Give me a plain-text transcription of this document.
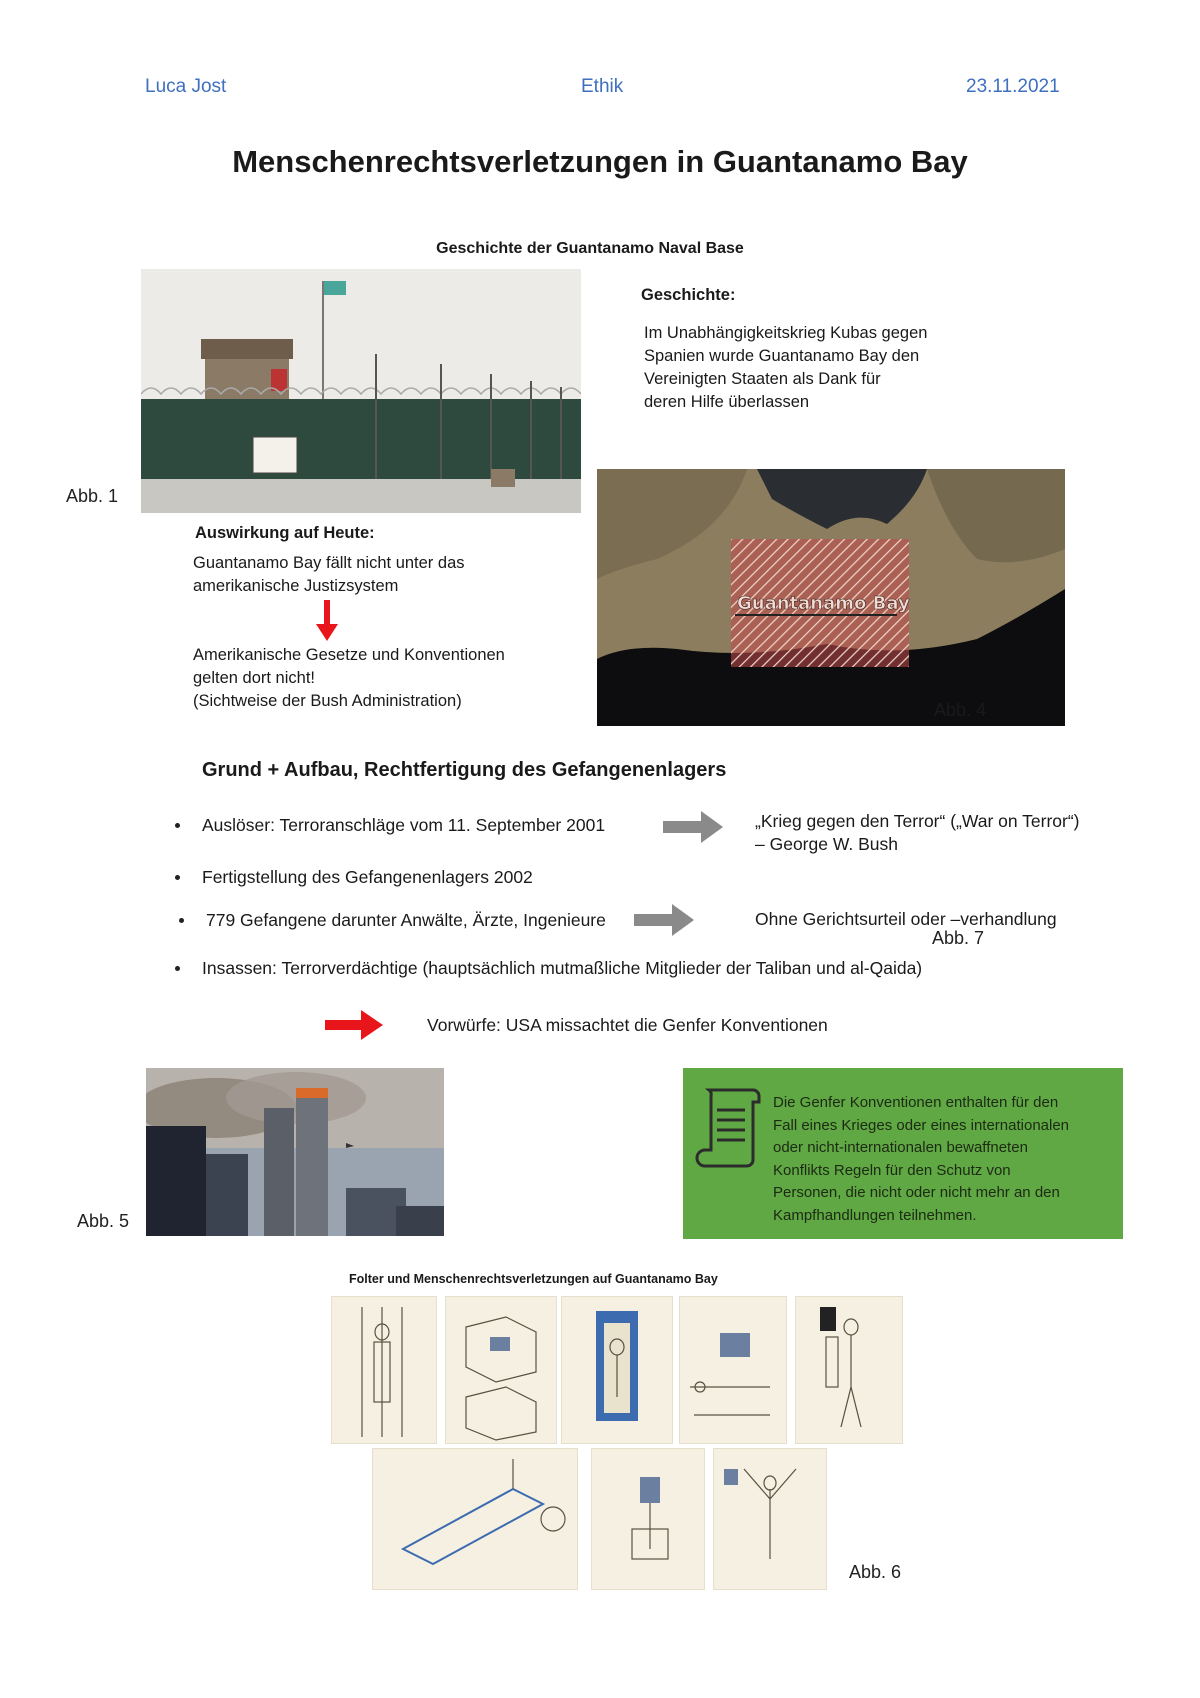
Luca Jost	Ethik	23.11.2021
Menschenrechtsverletzungen in Guantanamo Bay
Geschichte der Guantanamo Naval Base
Abb. 1
Geschichte:
Im Unabhängigkeitskrieg Kubas gegen
Spanien wurde Guantanamo Bay den
Vereinigten Staaten als Dank für
deren Hilfe überlassen
Guantanamo Bay
Abb. 4
Auswirkung auf Heute:
Guantanamo Bay fällt nicht unter das
amerikanische Justizsystem
Amerikanische Gesetze und Konventionen
gelten dort nicht!
(Sichtweise der Bush Administration)
Grund + Aufbau, Rechtfertigung des Gefangenenlagers
Auslöser: Terroranschläge vom 11. September 2001	„Krieg gegen den Terror“ („War on Terror“)
– George W. Bush
Fertigstellung des Gefangenenlagers 2002
779 Gefangene darunter Anwälte, Ärzte, Ingenieure	Ohne Gerichtsurteil oder –verhandlung
Abb. 7
Insassen: Terrorverdächtige (hauptsächlich mutmaßliche Mitglieder der Taliban und al-Qaida)
Vorwürfe: USA missachtet die Genfer Konventionen
Abb. 5
Die Genfer Konventionen enthalten für den
Fall eines Krieges oder eines internationalen
oder nicht-internationalen bewaffneten
Konflikts Regeln für den Schutz von
Personen, die nicht oder nicht mehr an den
Kampfhandlungen teilnehmen.
Folter und Menschenrechtsverletzungen auf Guantanamo Bay
Abb. 6
